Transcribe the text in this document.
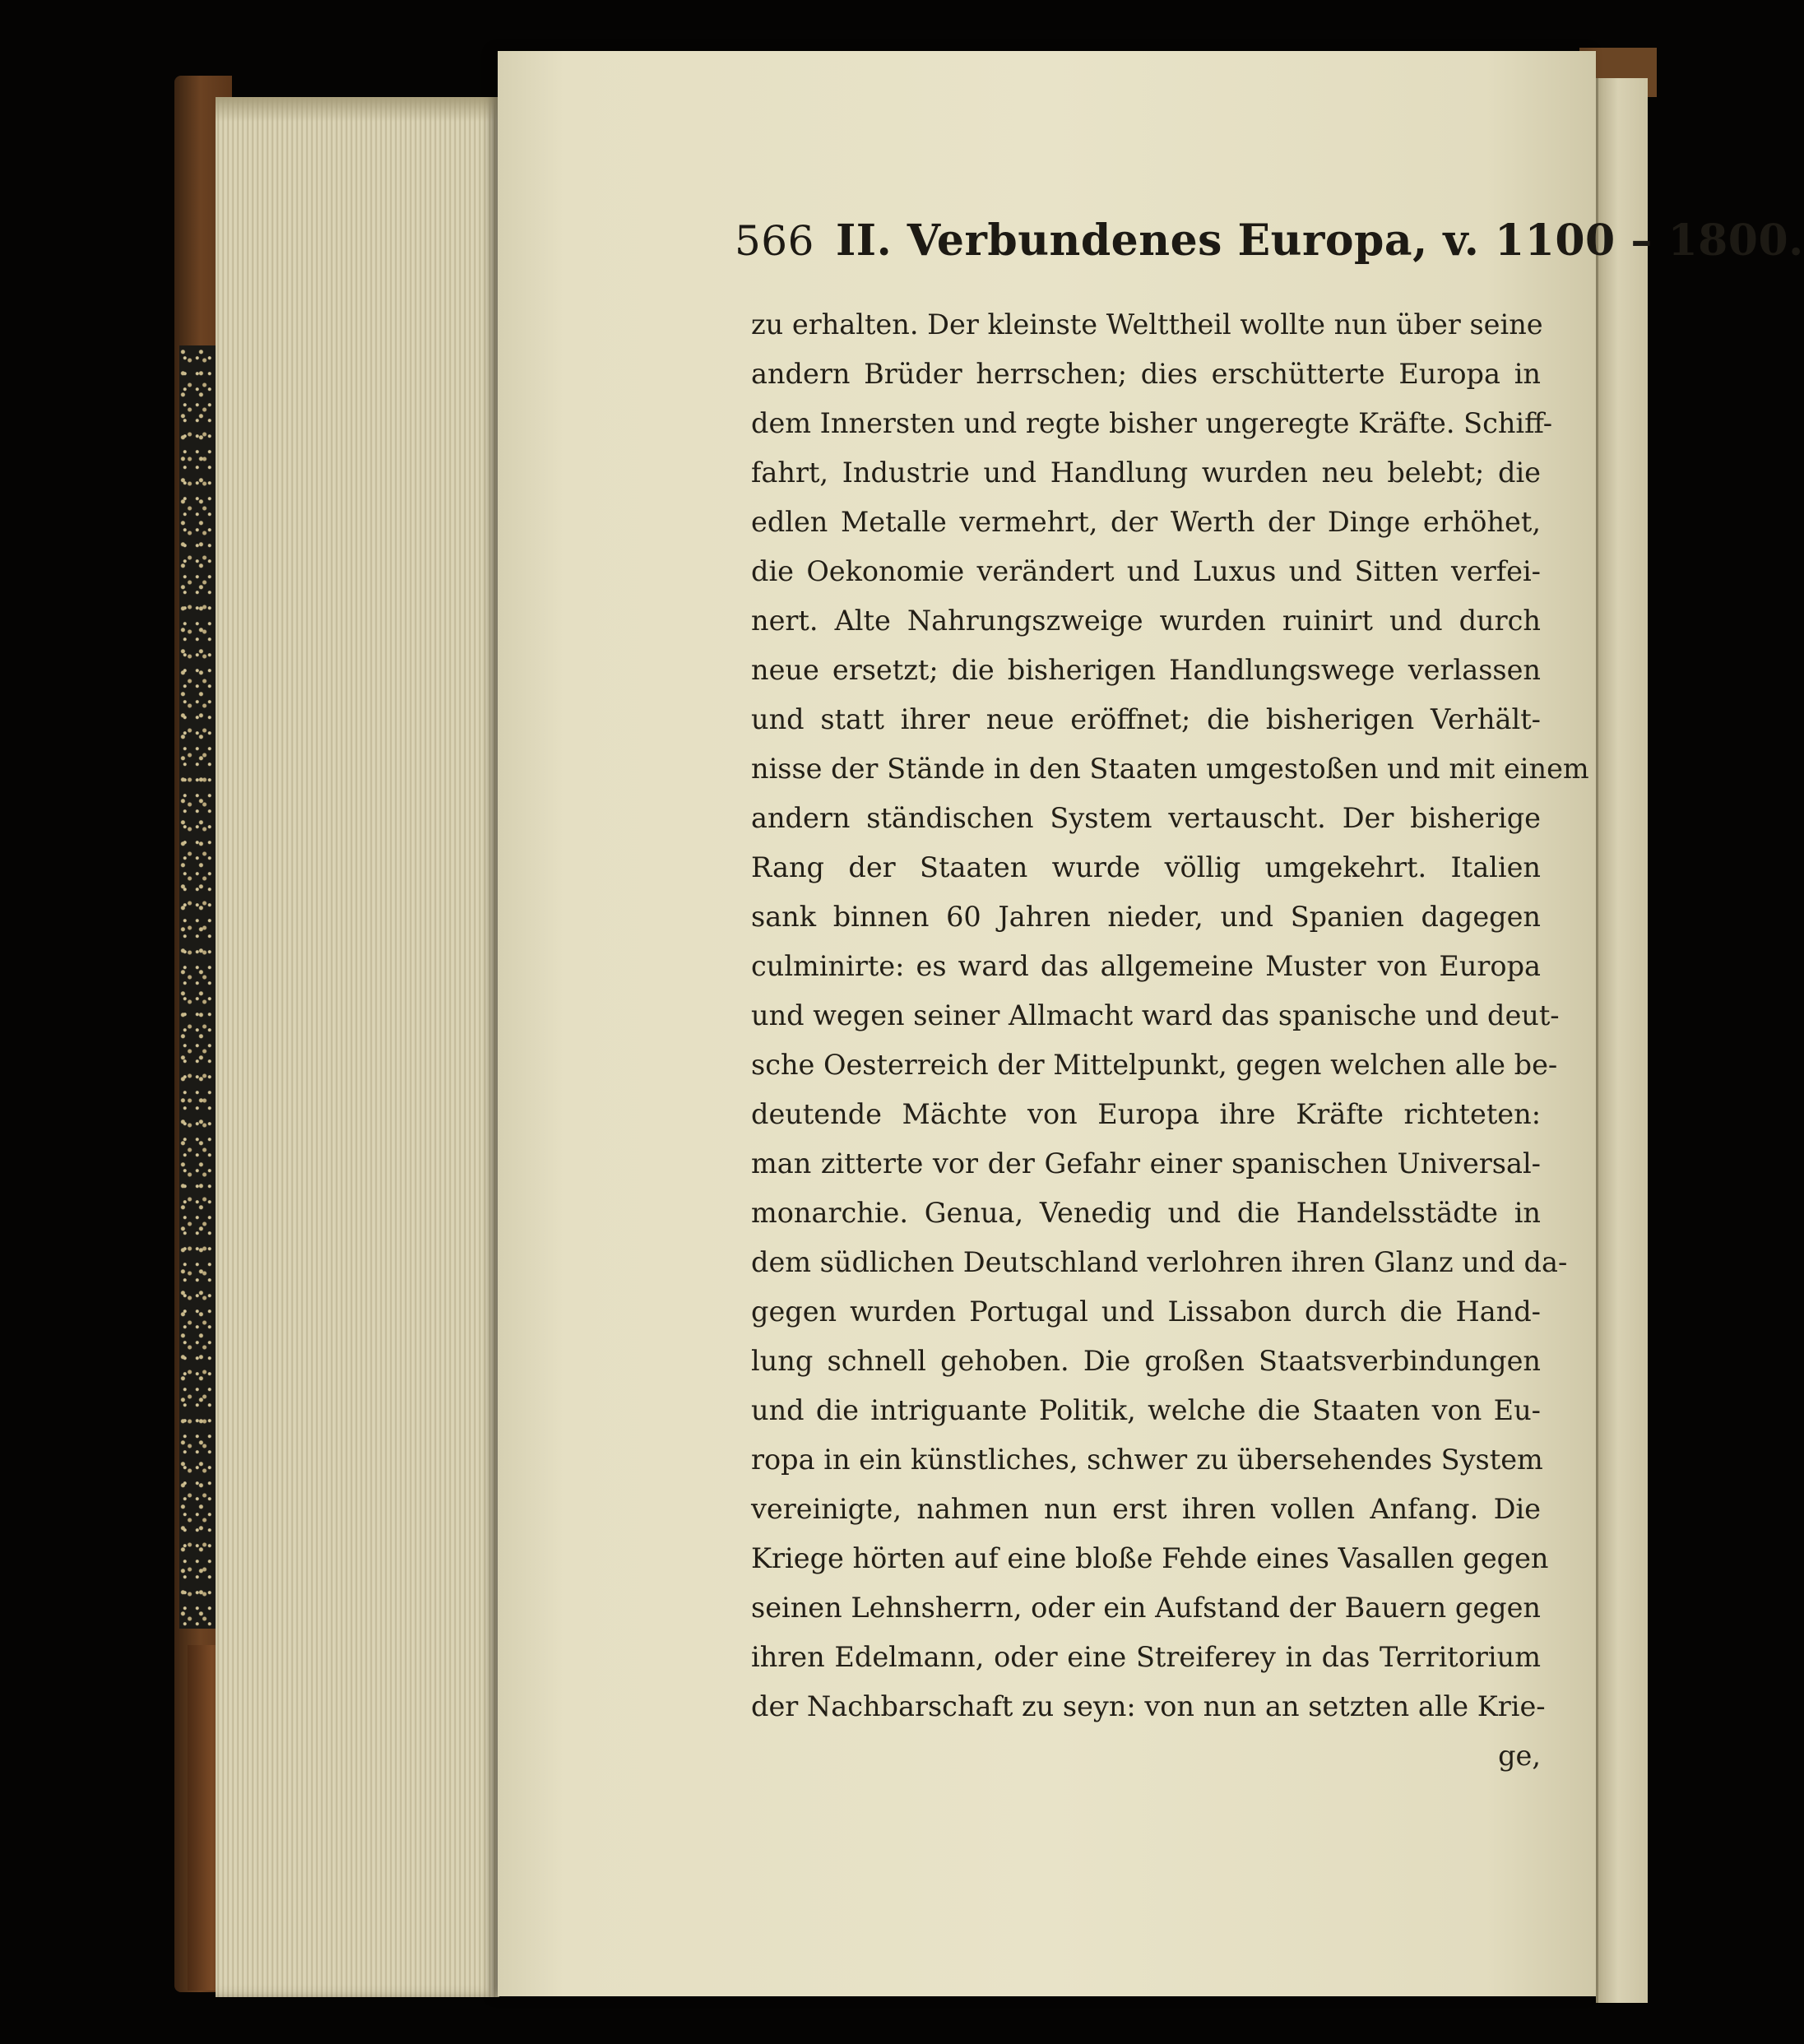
566 II. Verbundenes Europa, v. 1100 – 1800.
zu erhalten. Der kleinste Welttheil wollte nun über seine
andern Brüder herrschen; dies erschütterte Europa in
dem Innersten und regte bisher ungeregte Kräfte. Schiff-
fahrt, Industrie und Handlung wurden neu belebt; die
edlen Metalle vermehrt, der Werth der Dinge erhöhet,
die Oekonomie verändert und Luxus und Sitten verfei-
nert. Alte Nahrungszweige wurden ruinirt und durch
neue ersetzt; die bisherigen Handlungswege verlassen
und statt ihrer neue eröffnet; die bisherigen Verhält-
nisse der Stände in den Staaten umgestoßen und mit einem
andern ständischen System vertauscht. Der bisherige
Rang der Staaten wurde völlig umgekehrt. Italien
sank binnen 60 Jahren nieder, und Spanien dagegen
culminirte: es ward das allgemeine Muster von Europa
und wegen seiner Allmacht ward das spanische und deut-
sche Oesterreich der Mittelpunkt, gegen welchen alle be-
deutende Mächte von Europa ihre Kräfte richteten:
man zitterte vor der Gefahr einer spanischen Universal-
monarchie. Genua, Venedig und die Handelsstädte in
dem südlichen Deutschland verlohren ihren Glanz und da-
gegen wurden Portugal und Lissabon durch die Hand-
lung schnell gehoben. Die großen Staatsverbindungen
und die intriguante Politik, welche die Staaten von Eu-
ropa in ein künstliches, schwer zu übersehendes System
vereinigte, nahmen nun erst ihren vollen Anfang. Die
Kriege hörten auf eine bloße Fehde eines Vasallen gegen
seinen Lehnsherrn, oder ein Aufstand der Bauern gegen
ihren Edelmann, oder eine Streiferey in das Territorium
der Nachbarschaft zu seyn: von nun an setzten alle Krie-
ge,
